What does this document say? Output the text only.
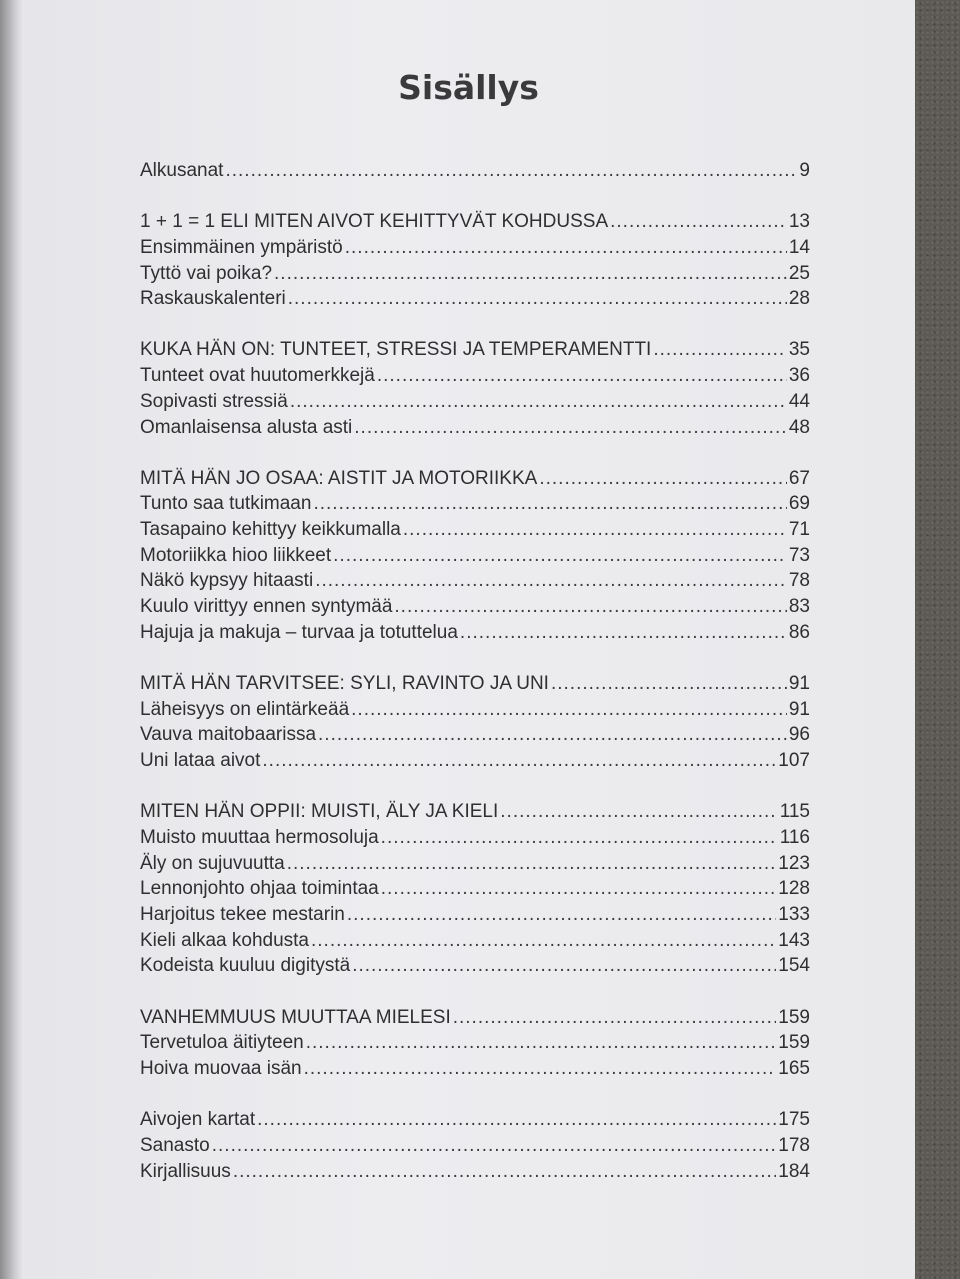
Sisällys
Alkusanat .....	9
1 + 1 = 1 ELI MITEN AIVOT KEHITTYVÄT KOHDUSSA .....	13
Ensimmäinen ympäristö .....	14
Tyttö vai poika? .....	25
Raskauskalenteri .....	28
KUKA HÄN ON: TUNTEET, STRESSI JA TEMPERAMENTTI .....	35
Tunteet ovat huutomerkkejä .....	36
Sopivasti stressiä .....	44
Omanlaisensa alusta asti .....	48
MITÄ HÄN JO OSAA: AISTIT JA MOTORIIKKA .....	67
Tunto saa tutkimaan .....	69
Tasapaino kehittyy keikkumalla .....	71
Motoriikka hioo liikkeet .....	73
Näkö kypsyy hitaasti .....	78
Kuulo virittyy ennen syntymää .....	83
Hajuja ja makuja – turvaa ja totuttelua .....	86
MITÄ HÄN TARVITSEE: SYLI, RAVINTO JA UNI .....	91
Läheisyys on elintärkeää .....	91
Vauva maitobaarissa .....	96
Uni lataa aivot .....	107
MITEN HÄN OPPII: MUISTI, ÄLY JA KIELI .....	115
Muisto muuttaa hermosoluja .....	116
Äly on sujuvuutta .....	123
Lennonjohto ohjaa toimintaa .....	128
Harjoitus tekee mestarin .....	133
Kieli alkaa kohdusta .....	143
Kodeista kuuluu digitystä .....	154
VANHEMMUUS MUUTTAA MIELESI .....	159
Tervetuloa äitiyteen .....	159
Hoiva muovaa isän .....	165
Aivojen kartat .....	175
Sanasto .....	178
Kirjallisuus .....	184
